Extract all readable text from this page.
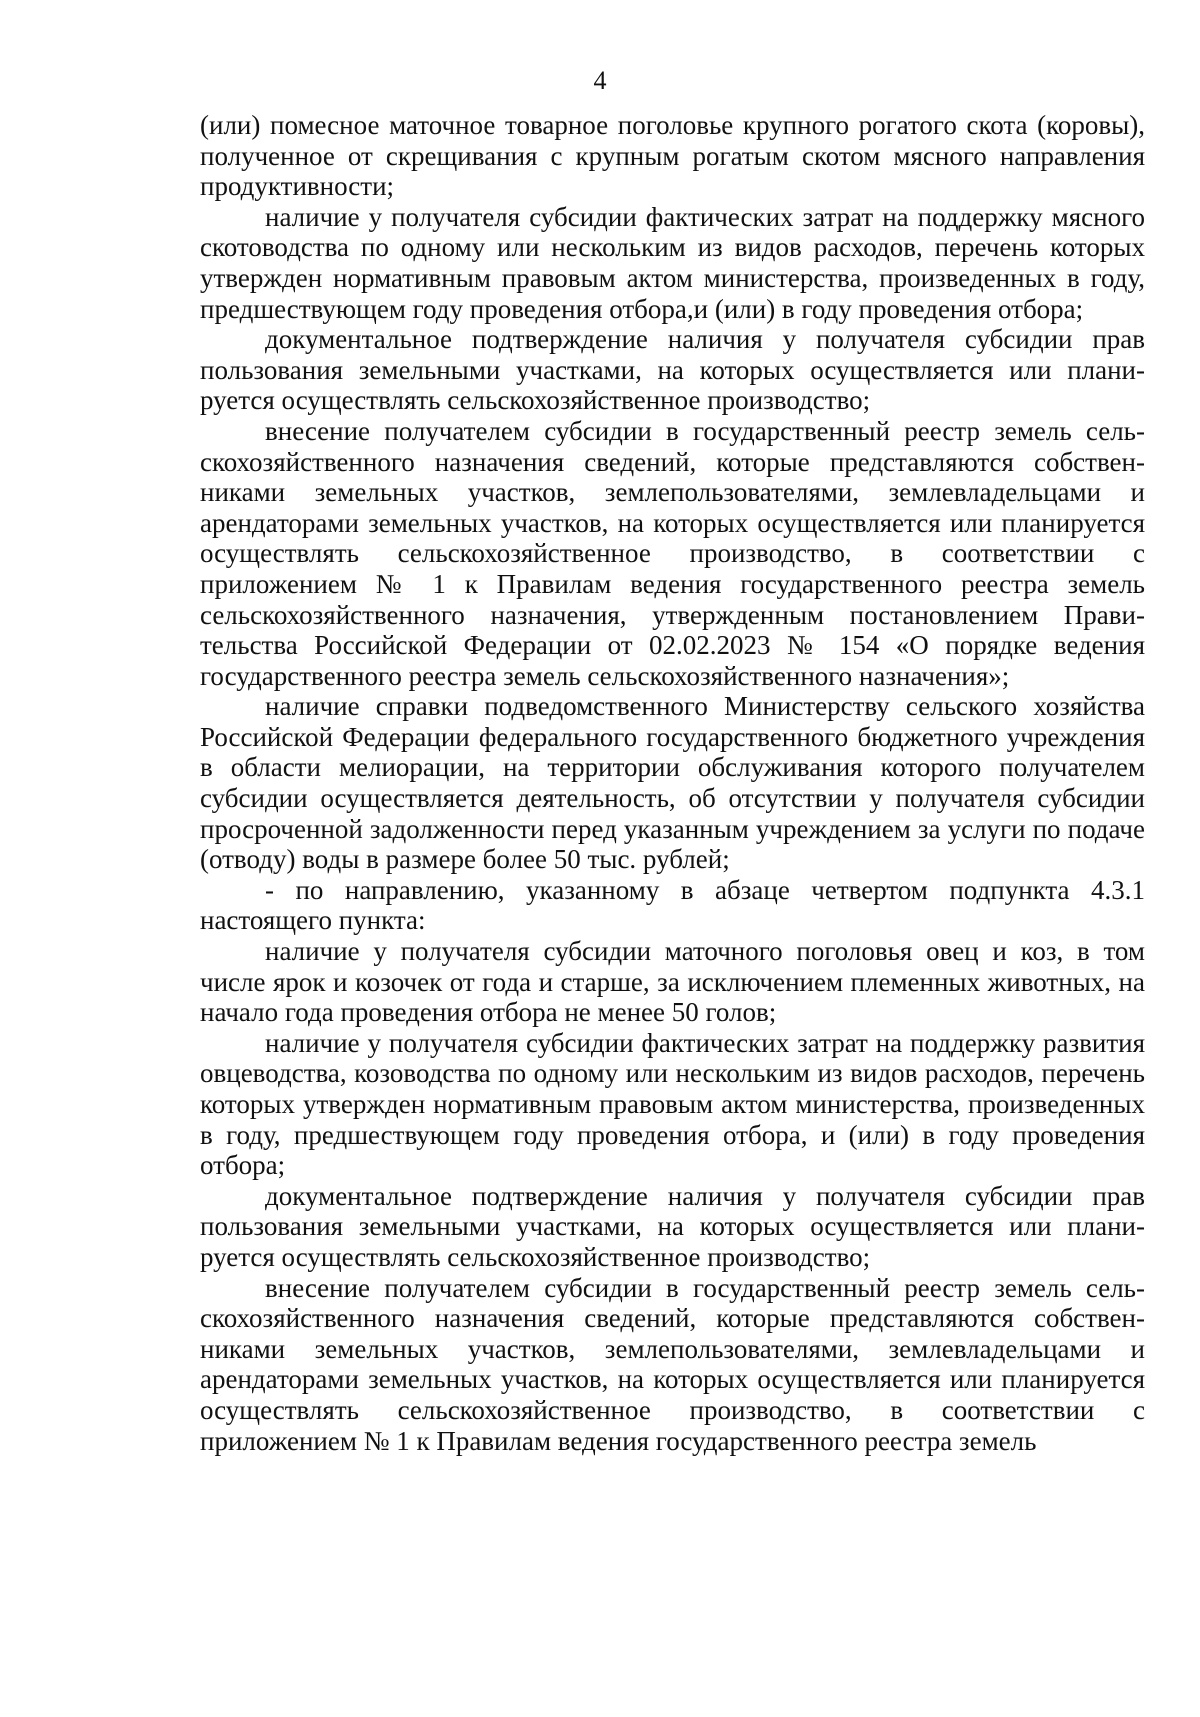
4

(или) помесное маточное товарное поголовье крупного рогатого скота (коровы), полученное от скрещивания с крупным рогатым скотом мясного направления продуктивности;

наличие у получателя субсидии фактических затрат на поддержку мясного скотоводства по одному или нескольким из видов расходов, перечень которых утвержден нормативным правовым актом министерства, произведенных в году, предшествующем году проведения отбора,и (или) в году проведения отбора;

документальное подтверждение наличия у получателя субсидии прав пользования земельными участками, на которых осуществляется или планируется осуществлять сельскохозяйственное производство;

внесение получателем субсидии в государственный реестр земель сельскохозяйственного назначения сведений, которые представляются собственниками земельных участков, землепользователями, землевладельцами и арендаторами земельных участков, на которых осуществляется или планируется осуществлять сельскохозяйственное производство, в соответствии с приложением № 1 к Правилам ведения государственного реестра земель сельскохозяйственного назначения, утвержденным постановлением Правительства Российской Федерации от 02.02.2023 № 154 «О порядке ведения государственного реестра земель сельскохозяйственного назначения»;

наличие справки подведомственного Министерству сельского хозяйства Российской Федерации федерального государственного бюджетного учреждения в области мелиорации, на территории обслуживания которого получателем субсидии осуществляется деятельность, об отсутствии у получателя субсидии просроченной задолженности перед указанным учреждением за услуги по подаче (отводу) воды в размере более 50 тыс. рублей;

- по направлению, указанному в абзаце четвертом подпункта 4.3.1 настоящего пункта:

наличие у получателя субсидии маточного поголовья овец и коз, в том числе ярок и козочек от года и старше, за исключением племенных животных, на начало года проведения отбора не менее 50 голов;

наличие у получателя субсидии фактических затрат на поддержку развития овцеводства, козоводства по одному или нескольким из видов расходов, перечень которых утвержден нормативным правовым актом министерства, произведенных в году, предшествующем году проведения отбора, и (или) в году проведения отбора;

документальное подтверждение наличия у получателя субсидии прав пользования земельными участками, на которых осуществляется или планируется осуществлять сельскохозяйственное производство;

внесение получателем субсидии в государственный реестр земель сельскохозяйственного назначения сведений, которые представляются собственниками земельных участков, землепользователями, землевладельцами и арендаторами земельных участков, на которых осуществляется или планируется осуществлять сельскохозяйственное производство, в соответствии с приложением № 1 к Правилам ведения государственного реестра земель
